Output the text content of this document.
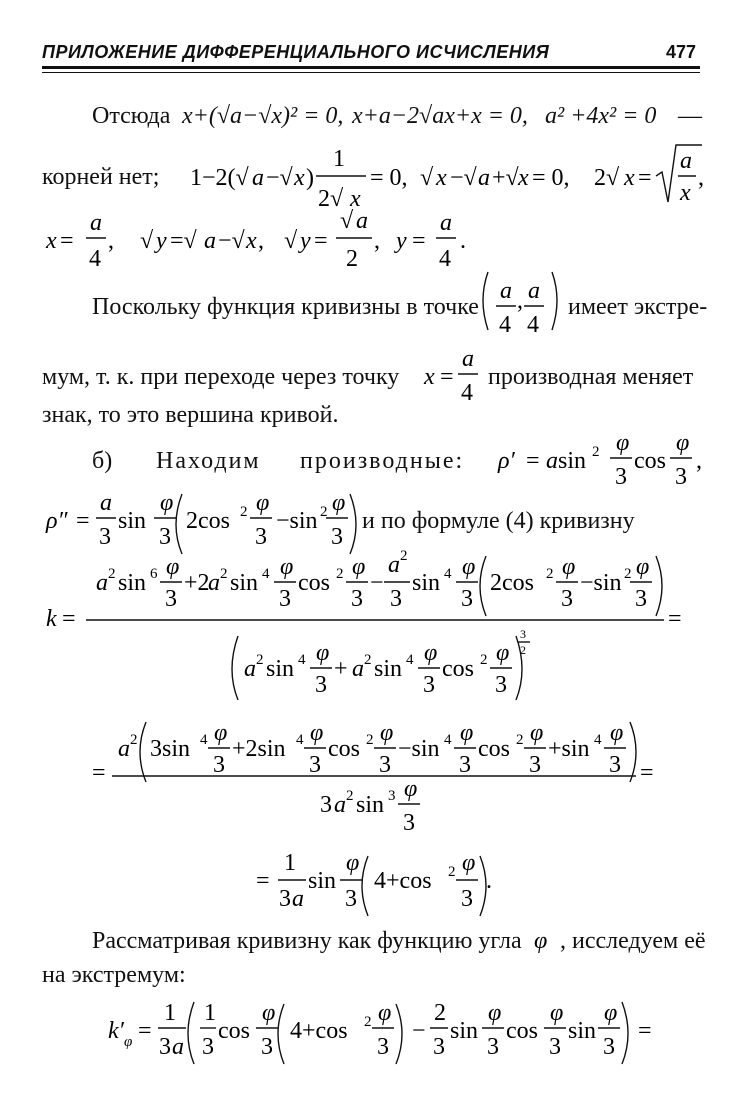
ПРИЛОЖЕНИЕ ДИФФЕРЕНЦИАЛЬНОГО ИСЧИСЛЕНИЯ	477
Отсюда x+(√a−√x)² = 0, x+a−2√ax+x = 0, a² +4x² = 0 —
корней нет;
Поскольку функция кривизны в точке	имеет экстре-
мум, т. к. при переходе через точку	производная меняет
знак, то это вершина кривой.
б) Находим производные:
и по формуле (4) кривизну
Рассматривая кривизну как функцию угла , исследуем её
на экстремум:
1−2(√ a −√ x )
1
2√ x
= 0, √ x −√ a +√ x = 0, 2√ x =
a
x
,
x =
a
4
, √ y =√ a −√ x , √ y =
√ a
2
, y =
a
4
.
a
4
, a
4
x =
a
4
ρ′ = a sin 2 φ
3
cos
φ
3
,
ρ″ =
a
3
sin
φ
3
2cos 2 φ
3
−sin 2 φ
3
k =
a 2 sin 6 φ
3
+2
a 2 sin 4 φ
3
cos 2 φ
3
−
a 2
3
sin 4 φ
3
2cos 2 φ
3
−sin 2 φ
3
=
a 2 sin 4 φ
3
+ a 2 sin 4 φ
3
cos 2 φ
3
3
2
=
a 2 3sin 4 φ
3
+2sin 4 φ
3
cos 2 φ
3
−sin 4 φ
3
cos 2 φ
3
+sin 4 φ
3 =
3 a 2 sin 3 φ
3
=
1
3 a
sin
φ
3
4+cos 2 φ
3
.
φ
k′ φ =
1
3 a
1
3
cos
φ
3
4+cos 2 φ
3
−
2
3
sin
φ
3
cos
φ
3
sin
φ
3
=
